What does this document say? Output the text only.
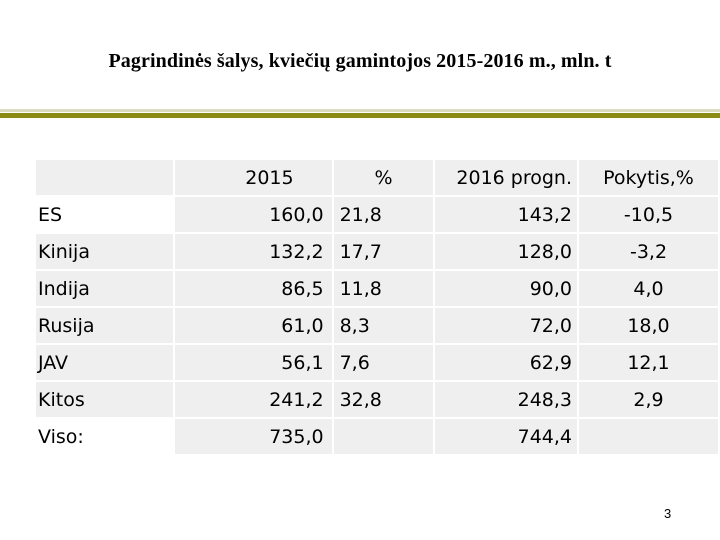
Pagrindinės šalys, kviečių gamintojos 2015-2016 m., mln. t
	2015	%	2016 progn.	Pokytis,%
ES	160,0	21,8	143,2	-10,5
Kinija	132,2	17,7	128,0	-3,2
Indija	86,5	11,8	90,0	4,0
Rusija	61,0	8,3	72,0	18,0
JAV	56,1	7,6	62,9	12,1
Kitos	241,2	32,8	248,3	2,9
Viso:	735,0		744,4	
3
